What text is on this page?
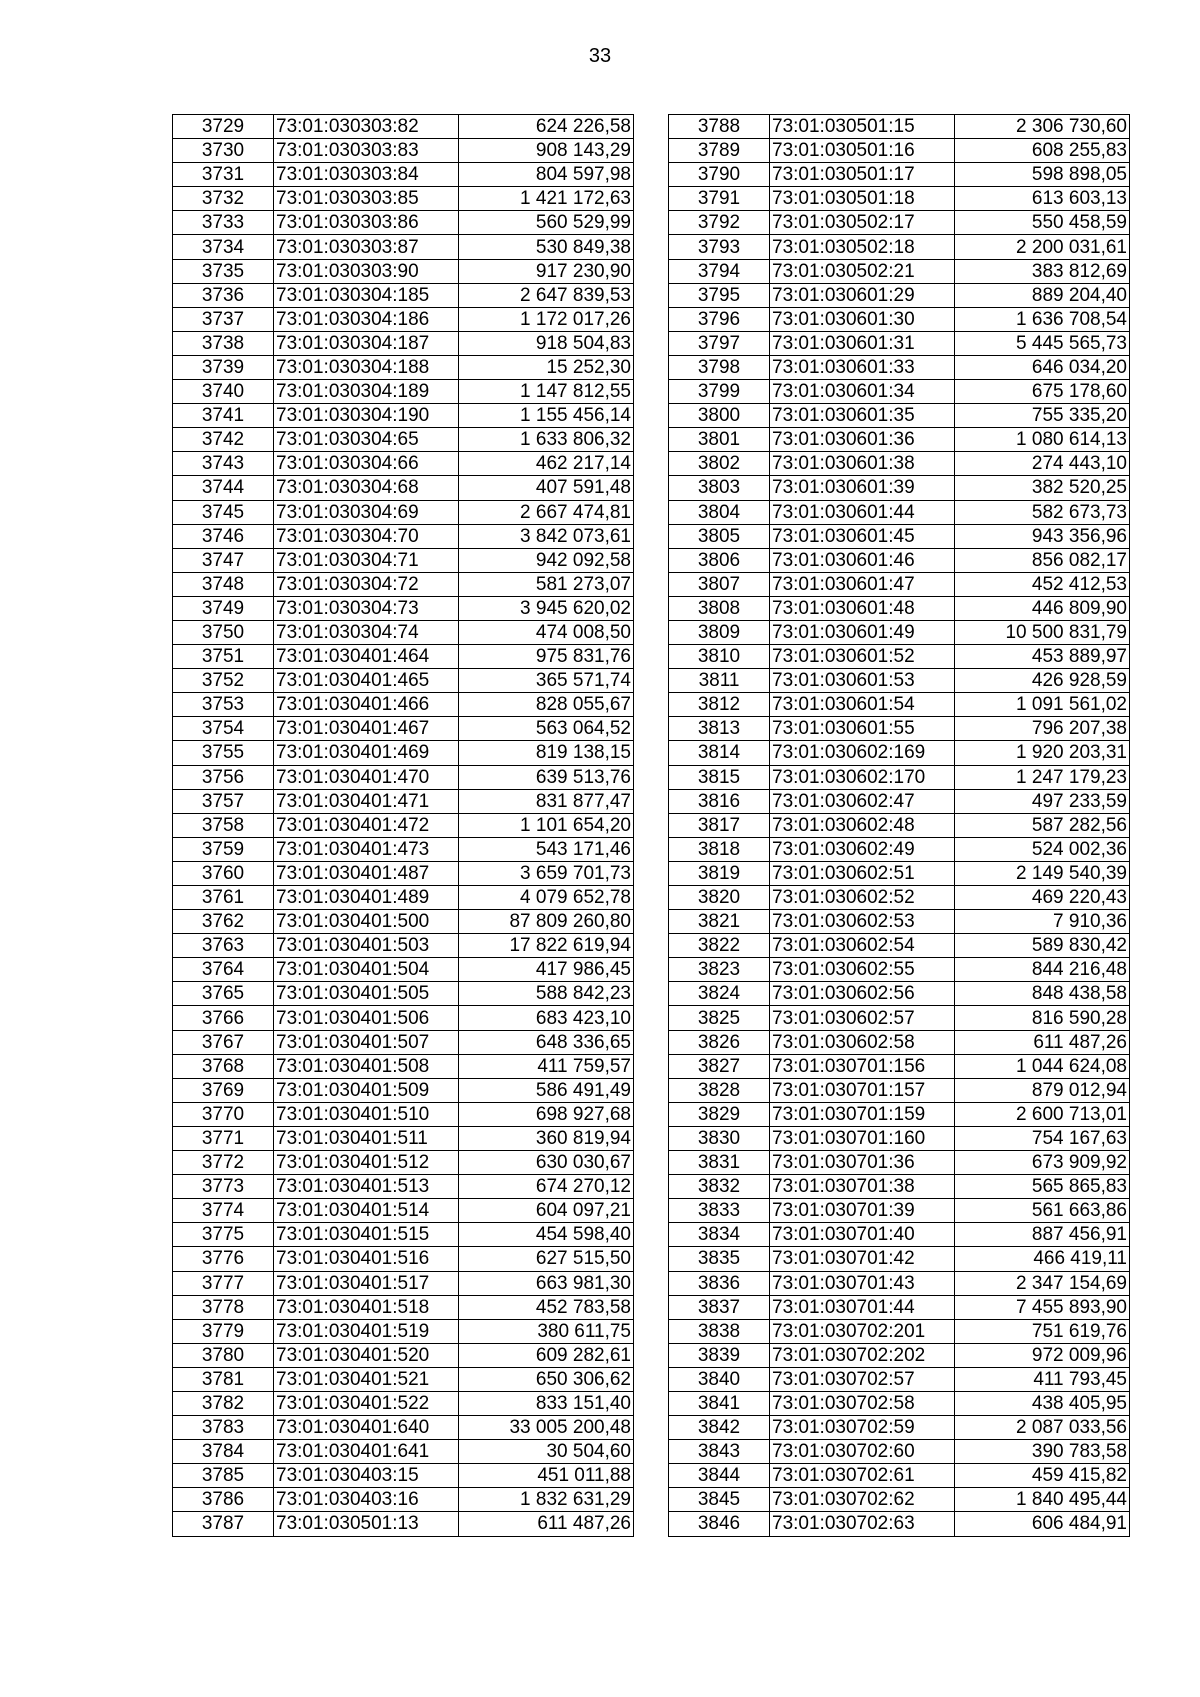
33
3729	73:01:030303:82	624 226,58
3730	73:01:030303:83	908 143,29
3731	73:01:030303:84	804 597,98
3732	73:01:030303:85	1 421 172,63
3733	73:01:030303:86	560 529,99
3734	73:01:030303:87	530 849,38
3735	73:01:030303:90	917 230,90
3736	73:01:030304:185	2 647 839,53
3737	73:01:030304:186	1 172 017,26
3738	73:01:030304:187	918 504,83
3739	73:01:030304:188	15 252,30
3740	73:01:030304:189	1 147 812,55
3741	73:01:030304:190	1 155 456,14
3742	73:01:030304:65	1 633 806,32
3743	73:01:030304:66	462 217,14
3744	73:01:030304:68	407 591,48
3745	73:01:030304:69	2 667 474,81
3746	73:01:030304:70	3 842 073,61
3747	73:01:030304:71	942 092,58
3748	73:01:030304:72	581 273,07
3749	73:01:030304:73	3 945 620,02
3750	73:01:030304:74	474 008,50
3751	73:01:030401:464	975 831,76
3752	73:01:030401:465	365 571,74
3753	73:01:030401:466	828 055,67
3754	73:01:030401:467	563 064,52
3755	73:01:030401:469	819 138,15
3756	73:01:030401:470	639 513,76
3757	73:01:030401:471	831 877,47
3758	73:01:030401:472	1 101 654,20
3759	73:01:030401:473	543 171,46
3760	73:01:030401:487	3 659 701,73
3761	73:01:030401:489	4 079 652,78
3762	73:01:030401:500	87 809 260,80
3763	73:01:030401:503	17 822 619,94
3764	73:01:030401:504	417 986,45
3765	73:01:030401:505	588 842,23
3766	73:01:030401:506	683 423,10
3767	73:01:030401:507	648 336,65
3768	73:01:030401:508	411 759,57
3769	73:01:030401:509	586 491,49
3770	73:01:030401:510	698 927,68
3771	73:01:030401:511	360 819,94
3772	73:01:030401:512	630 030,67
3773	73:01:030401:513	674 270,12
3774	73:01:030401:514	604 097,21
3775	73:01:030401:515	454 598,40
3776	73:01:030401:516	627 515,50
3777	73:01:030401:517	663 981,30
3778	73:01:030401:518	452 783,58
3779	73:01:030401:519	380 611,75
3780	73:01:030401:520	609 282,61
3781	73:01:030401:521	650 306,62
3782	73:01:030401:522	833 151,40
3783	73:01:030401:640	33 005 200,48
3784	73:01:030401:641	30 504,60
3785	73:01:030403:15	451 011,88
3786	73:01:030403:16	1 832 631,29
3787	73:01:030501:13	611 487,26
3788	73:01:030501:15	2 306 730,60
3789	73:01:030501:16	608 255,83
3790	73:01:030501:17	598 898,05
3791	73:01:030501:18	613 603,13
3792	73:01:030502:17	550 458,59
3793	73:01:030502:18	2 200 031,61
3794	73:01:030502:21	383 812,69
3795	73:01:030601:29	889 204,40
3796	73:01:030601:30	1 636 708,54
3797	73:01:030601:31	5 445 565,73
3798	73:01:030601:33	646 034,20
3799	73:01:030601:34	675 178,60
3800	73:01:030601:35	755 335,20
3801	73:01:030601:36	1 080 614,13
3802	73:01:030601:38	274 443,10
3803	73:01:030601:39	382 520,25
3804	73:01:030601:44	582 673,73
3805	73:01:030601:45	943 356,96
3806	73:01:030601:46	856 082,17
3807	73:01:030601:47	452 412,53
3808	73:01:030601:48	446 809,90
3809	73:01:030601:49	10 500 831,79
3810	73:01:030601:52	453 889,97
3811	73:01:030601:53	426 928,59
3812	73:01:030601:54	1 091 561,02
3813	73:01:030601:55	796 207,38
3814	73:01:030602:169	1 920 203,31
3815	73:01:030602:170	1 247 179,23
3816	73:01:030602:47	497 233,59
3817	73:01:030602:48	587 282,56
3818	73:01:030602:49	524 002,36
3819	73:01:030602:51	2 149 540,39
3820	73:01:030602:52	469 220,43
3821	73:01:030602:53	7 910,36
3822	73:01:030602:54	589 830,42
3823	73:01:030602:55	844 216,48
3824	73:01:030602:56	848 438,58
3825	73:01:030602:57	816 590,28
3826	73:01:030602:58	611 487,26
3827	73:01:030701:156	1 044 624,08
3828	73:01:030701:157	879 012,94
3829	73:01:030701:159	2 600 713,01
3830	73:01:030701:160	754 167,63
3831	73:01:030701:36	673 909,92
3832	73:01:030701:38	565 865,83
3833	73:01:030701:39	561 663,86
3834	73:01:030701:40	887 456,91
3835	73:01:030701:42	466 419,11
3836	73:01:030701:43	2 347 154,69
3837	73:01:030701:44	7 455 893,90
3838	73:01:030702:201	751 619,76
3839	73:01:030702:202	972 009,96
3840	73:01:030702:57	411 793,45
3841	73:01:030702:58	438 405,95
3842	73:01:030702:59	2 087 033,56
3843	73:01:030702:60	390 783,58
3844	73:01:030702:61	459 415,82
3845	73:01:030702:62	1 840 495,44
3846	73:01:030702:63	606 484,91
